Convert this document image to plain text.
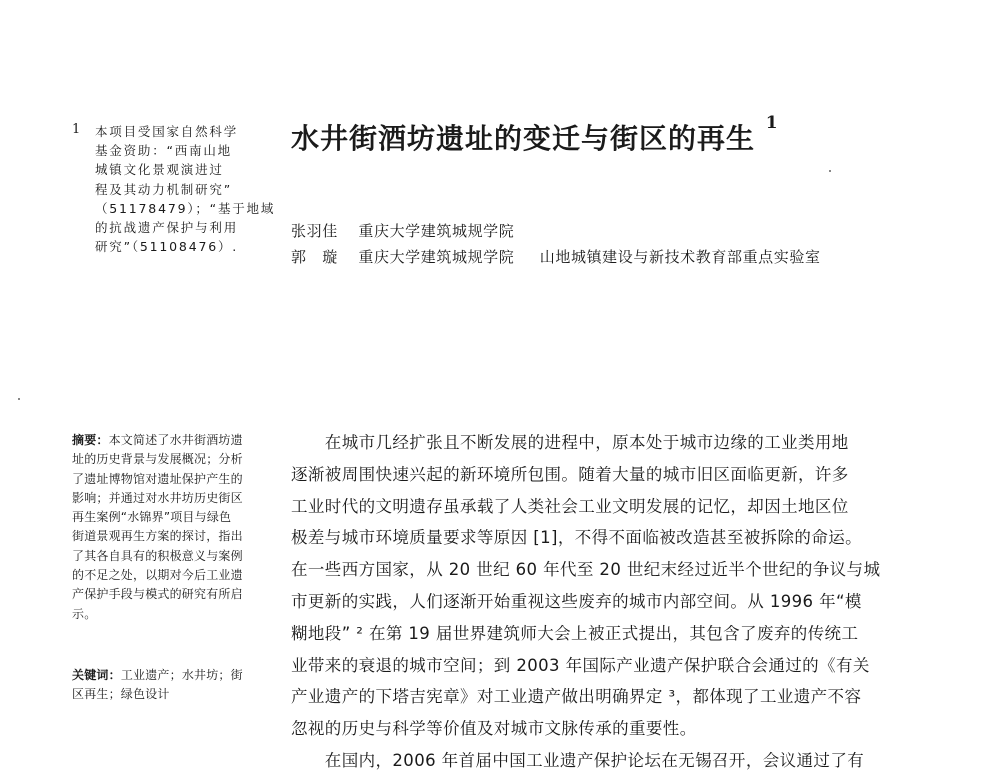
1 本项目受国家自然科学
基金资助：“西南山地
城镇文化景观演进过
程及其动力机制研究”
（51178479）；“基于地域
的抗战遗产保护与利用
研究”（51108476）.
水井街酒坊遗址的变迁与街区的再生 $^1$
张羽佳 重庆大学建筑城规学院
郭　璇 重庆大学建筑城规学院 山地城镇建设与新技术教育部重点实验室
摘要：本文简述了水井街酒坊遗
址的历史背景与发展概况；分析
了遗址博物馆对遗址保护产生的
影响；并通过对水井坊历史街区
再生案例“水锦界”项目与绿色
街道景观再生方案的探讨，指出
了其各自具有的积极意义与案例
的不足之处，以期对今后工业遗
产保护手段与模式的研究有所启
示。
关键词：工业遗产；水井坊；街
区再生；绿色设计
　　在城市几经扩张且不断发展的进程中，原本处于城市边缘的工业类用地
逐渐被周围快速兴起的新环境所包围。随着大量的城市旧区面临更新，许多
工业时代的文明遗存虽承载了人类社会工业文明发展的记忆，却因土地区位
极差与城市环境质量要求等原因 [1]，不得不面临被改造甚至被拆除的命运。
在一些西方国家，从 20 世纪 60 年代至 20 世纪末经过近半个世纪的争议与城
市更新的实践，人们逐渐开始重视这些废弃的城市内部空间。从 1996 年“模
糊地段” ² 在第 19 届世界建筑师大会上被正式提出，其包含了废弃的传统工
业带来的衰退的城市空间；到 2003 年国际产业遗产保护联合会通过的《有关
产业遗产的下塔吉宪章》对工业遗产做出明确界定 ³，都体现了工业遗产不容
忽视的历史与科学等价值及对城市文脉传承的重要性。
　　在国内，2006 年首届中国工业遗产保护论坛在无锡召开，会议通过了有
